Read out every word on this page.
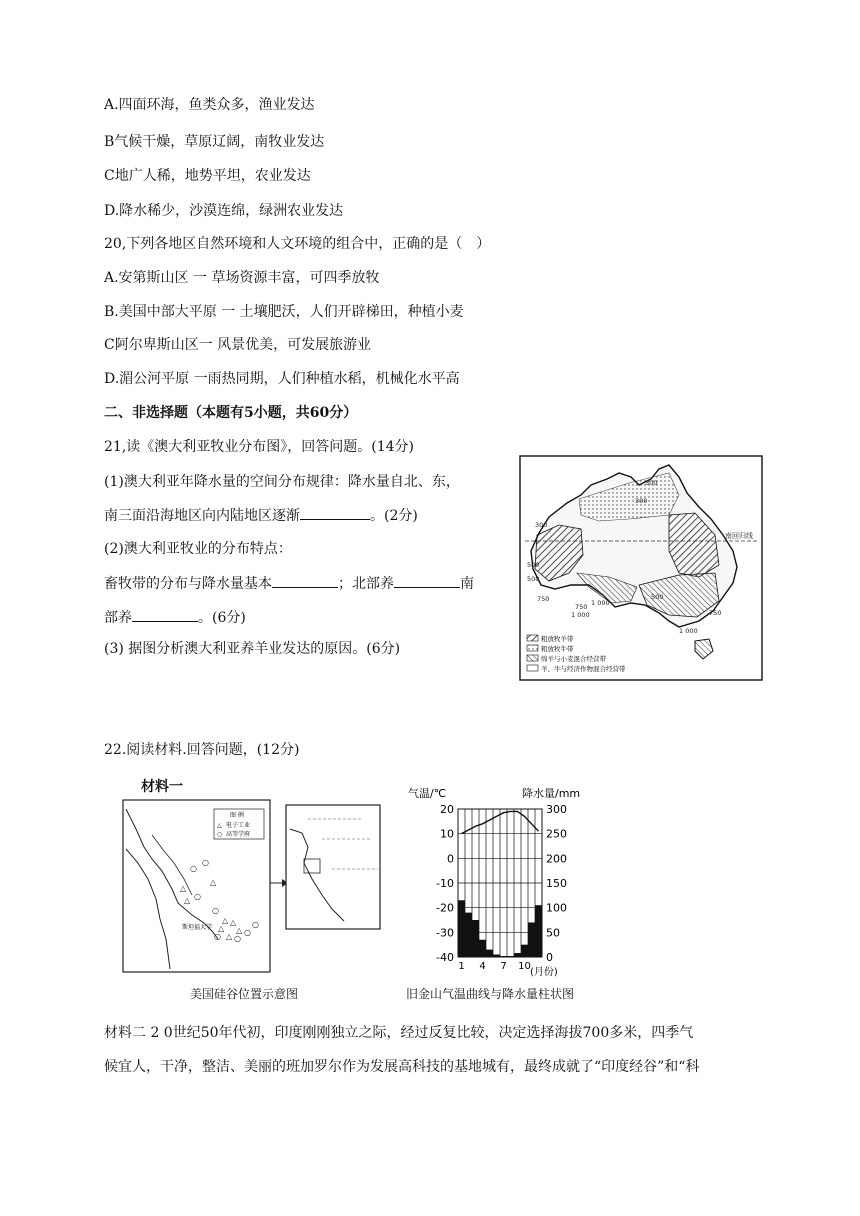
A.四面环海，鱼类众多，渔业发达
B气候干燥，草原辽阔，南牧业发达
C地广人稀，地势平坦，农业发达
D.降水稀少，沙漠连绵，绿洲农业发达
20,下列各地区自然环境和人文环境的组合中，正确的是（　）
A.安第斯山区 一 草场资源丰富，可四季放牧
B.美国中部大平原 一 土壤肥沃，人们开辟梯田，种植小麦
C阿尔卑斯山区一 风景优美，可发展旅游业
D.湄公河平原 一雨热同期，人们种植水稻，机械化水平高
二、非选择题（本题有5小题，共60分）
21,读《澳大利亚牧业分布图》，回答问题。(14分)
(1)澳大利亚年降水量的空间分布规律：降水量自北、东，
南三面沿海地区向内陆地区逐渐	。(2分)
(2)澳大利亚牧业的分布特点：
畜牧带的分布与降水量基本	；北部养	南
部养	。(6分)
(3) 据图分析澳大利亚养羊业发达的原因。(6分)
南回归线
300
300
300
500
500
750
750 1 000
1 000
1 000
750
500
粗放牧羊带
粗放牧牛带
绵羊与小麦混合经营带
羊、牛与经济作物混合经营带
22.阅读材料.回答问题，(12分)
材料一
图 例
△ 电子工业
○ 高等学府
○
○
△
△
△ ○
○
△ △
△ △
△ ○
○	○
○
斯坦福大学
美国硅谷位置示意图
气温/℃	降水量/mm
20
10
0
-10
-20
-30
-40
300
250
200
150
100
50
0
1 4 7 10
(月份)
旧金山气温曲线与降水量柱状图
材料二 2 0世纪50年代初，印度刚刚独立之际，经过反复比较，决定选择海拔700多米，四季气
候宜人，干净，整洁、美丽的班加罗尔作为发展高科技的基地城有，最终成就了“印度经谷”和“科
